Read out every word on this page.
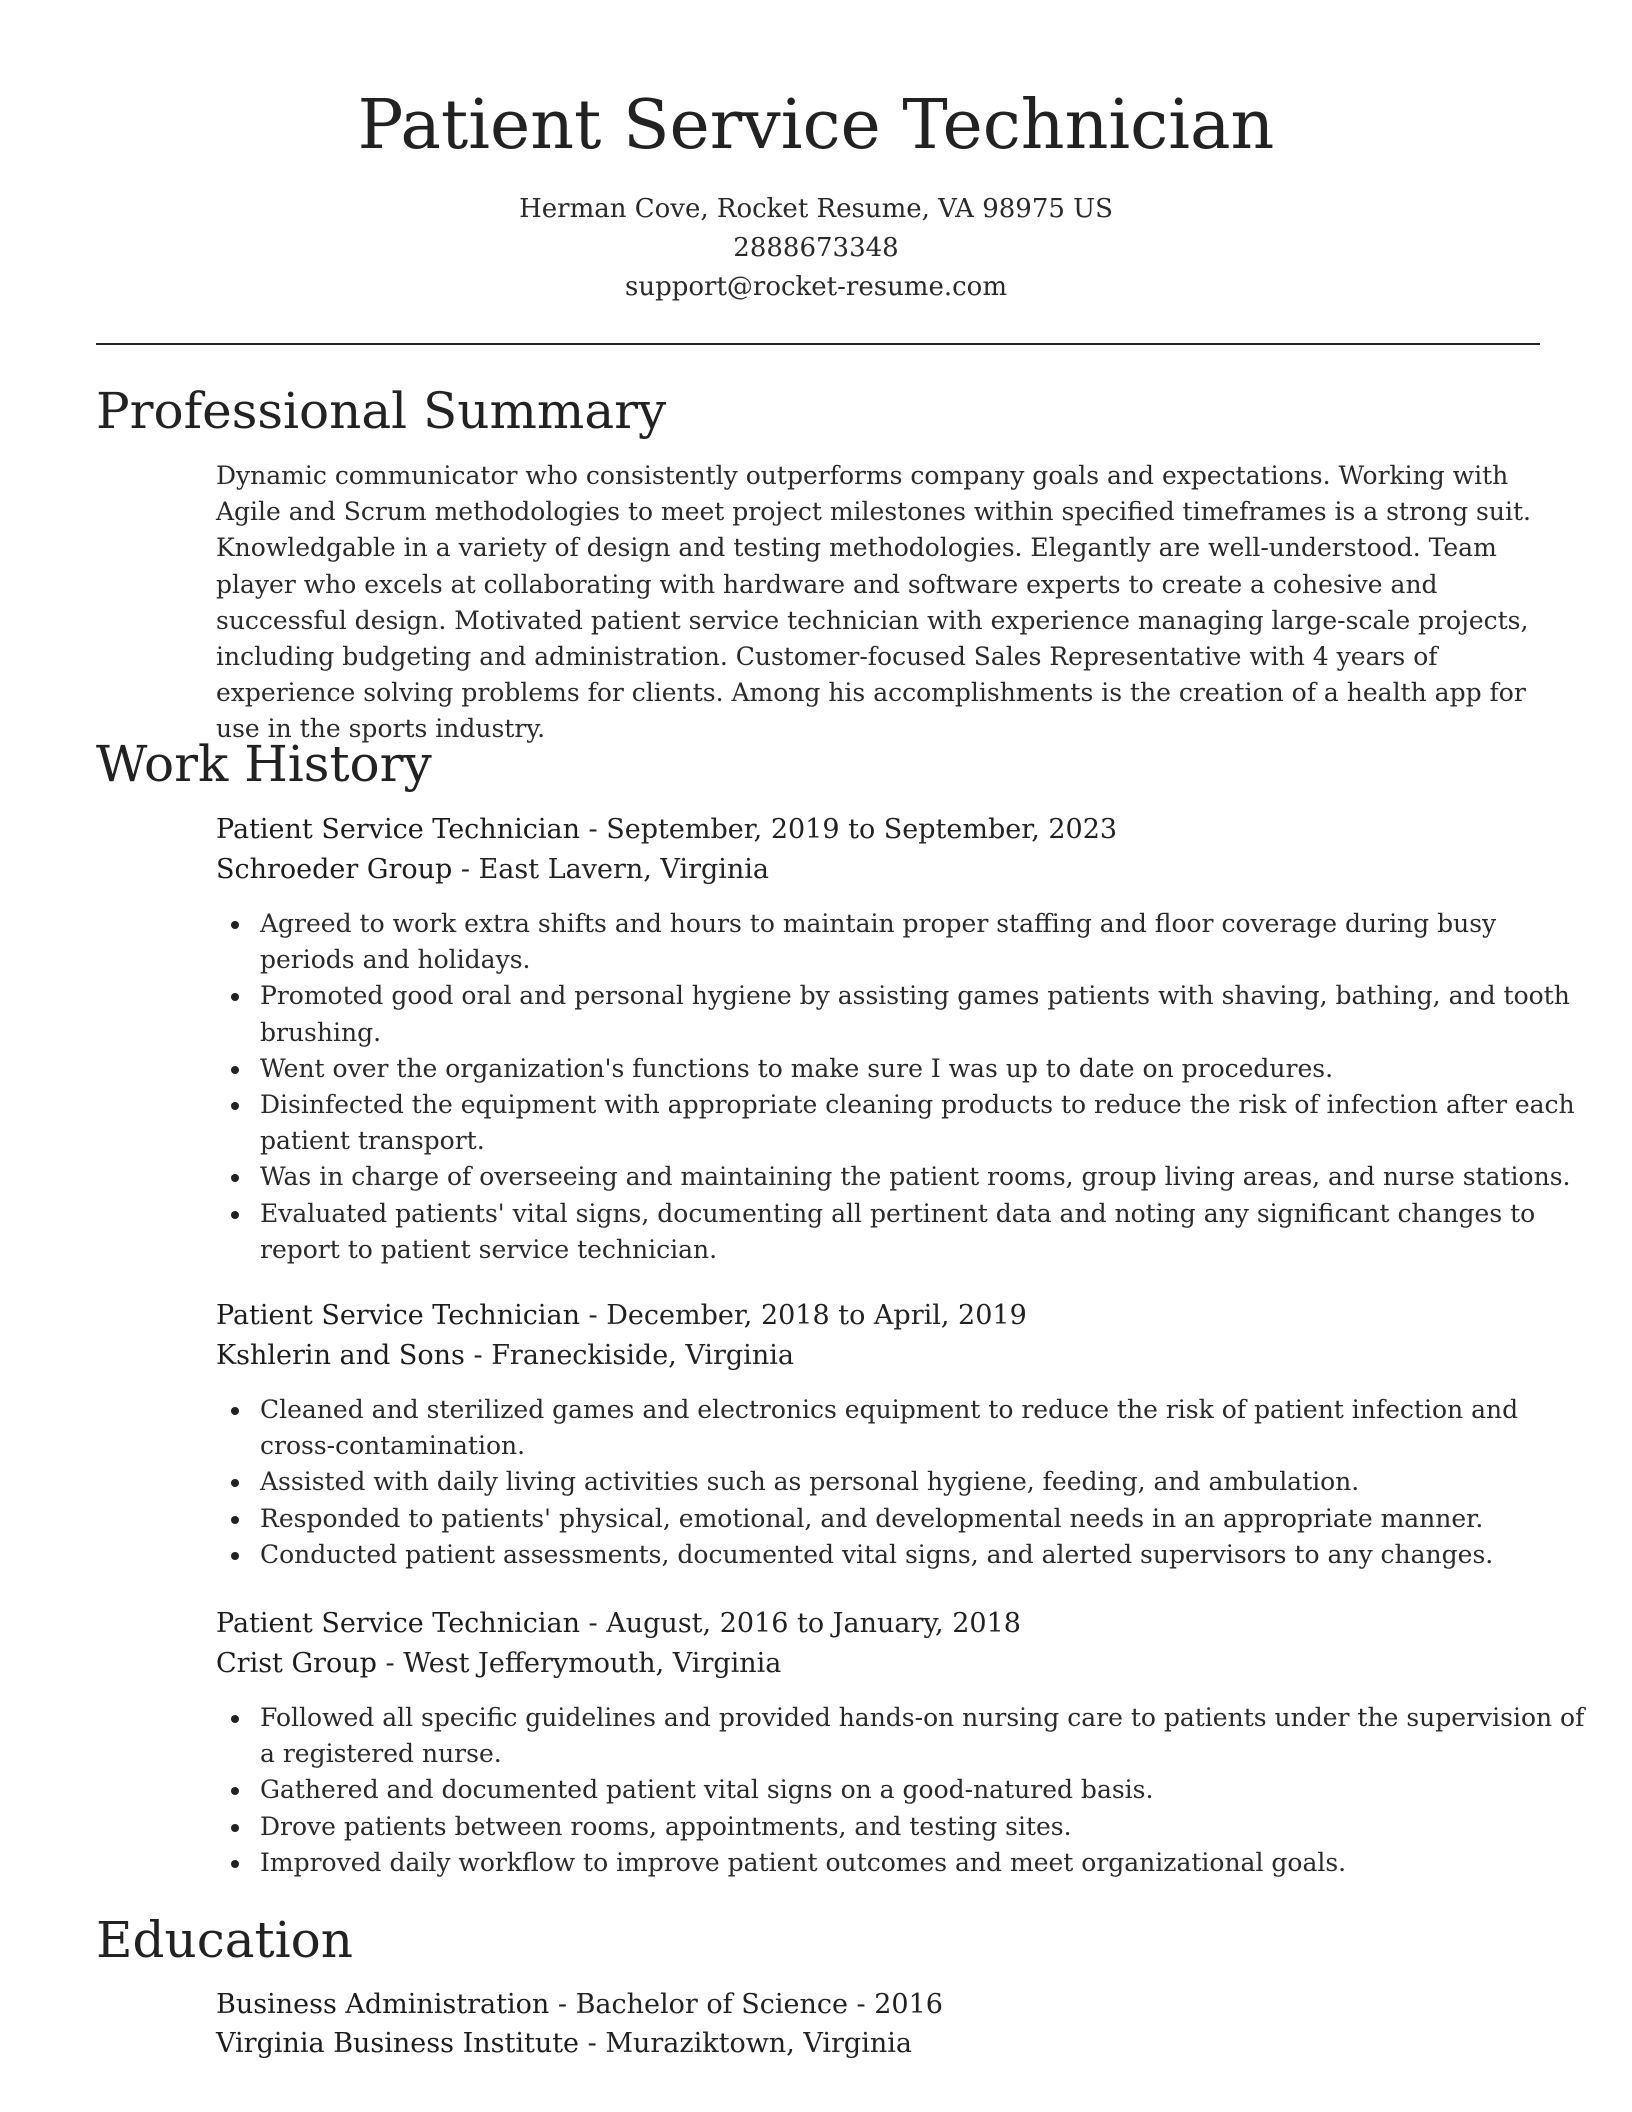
Patient Service Technician
Herman Cove, Rocket Resume, VA 98975 US
2888673348
support@rocket-resume.com
Professional Summary

Dynamic communicator who consistently outperforms company goals and expectations. Working with Agile and Scrum methodologies to meet project milestones within specified timeframes is a strong suit. Knowledgable in a variety of design and testing methodologies. Elegantly are well-understood. Team player who excels at collaborating with hardware and software experts to create a cohesive and successful design. Motivated patient service technician with experience managing large-scale projects, including budgeting and administration. Customer-focused Sales Representative with 4 years of experience solving problems for clients. Among his accomplishments is the creation of a health app for use in the sports industry.

Work History
Patient Service Technician - September, 2019 to September, 2023
Schroeder Group - East Lavern, Virginia
Agreed to work extra shifts and hours to maintain proper staffing and floor coverage during busy periods and holidays.
Promoted good oral and personal hygiene by assisting games patients with shaving, bathing, and tooth brushing.
Went over the organization's functions to make sure I was up to date on procedures.
Disinfected the equipment with appropriate cleaning products to reduce the risk of infection after each patient transport.
Was in charge of overseeing and maintaining the patient rooms, group living areas, and nurse stations.
Evaluated patients' vital signs, documenting all pertinent data and noting any significant changes to report to patient service technician.
Patient Service Technician - December, 2018 to April, 2019
Kshlerin and Sons - Franeckiside, Virginia
Cleaned and sterilized games and electronics equipment to reduce the risk of patient infection and cross-contamination.
Assisted with daily living activities such as personal hygiene, feeding, and ambulation.
Responded to patients' physical, emotional, and developmental needs in an appropriate manner.
Conducted patient assessments, documented vital signs, and alerted supervisors to any changes.
Patient Service Technician - August, 2016 to January, 2018
Crist Group - West Jefferymouth, Virginia
Followed all specific guidelines and provided hands-on nursing care to patients under the supervision of a registered nurse.
Gathered and documented patient vital signs on a good-natured basis.
Drove patients between rooms, appointments, and testing sites.
Improved daily workflow to improve patient outcomes and meet organizational goals.
Education
Business Administration - Bachelor of Science - 2016
Virginia Business Institute - Muraziktown, Virginia
